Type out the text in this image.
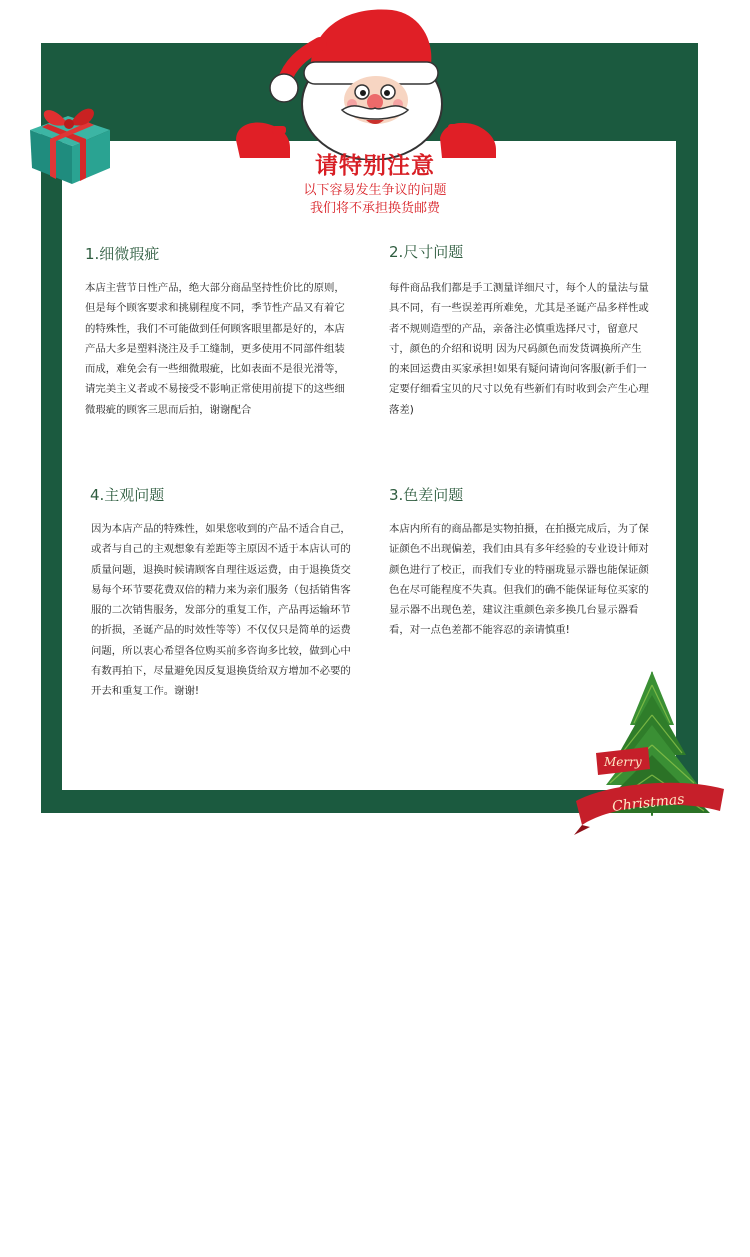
请特别注意
以下容易发生争议的问题
我们将不承担换货邮费
1.细微瑕疵

本店主营节日性产品，绝大部分商品坚持性价比的原则，但是每个顾客要求和挑剔程度不同，季节性产品又有着它的特殊性，我们不可能做到任何顾客眼里都是好的，本店产品大多是塑料浇注及手工缝制，更多使用不同部件组装而成，难免会有一些细微瑕疵，比如表面不是很光滑等，请完美主义者或不易接受不影响正常使用前提下的这些细微瑕疵的顾客三思而后拍，谢谢配合

2.尺寸问题

每件商品我们都是手工测量详细尺寸，每个人的量法与量具不同，有一些误差再所难免，尤其是圣诞产品多样性或者不规则造型的产品，亲备注必慎重选择尺寸，留意尺寸，颜色的介绍和说明 因为尺码颜色而发货调换所产生的来回运费由买家承担!如果有疑问请询问客服(新手们一定要仔细看宝贝的尺寸以免有些新们有时收到会产生心理落差)

4.主观问题

因为本店产品的特殊性，如果您收到的产品不适合自己，或者与自己的主观想象有差距等主原因不适于本店认可的质量问题，退换时候请顾客自理往返运费，由于退换货交易每个环节要花费双倍的精力来为亲们服务（包括销售客服的二次销售服务，发部分的重复工作，产品再运输环节的折损，圣诞产品的时效性等等）不仅仅只是简单的运费问题，所以衷心希望各位购买前多咨询多比较，做到心中有数再拍下，尽量避免因反复退换货给双方增加不必要的开去和重复工作。谢谢!

3.色差问题

本店内所有的商品都是实物拍摄，在拍摄完成后，为了保证颜色不出现偏差，我们由具有多年经验的专业设计师对颜色进行了校正，而我们专业的特丽珑显示器也能保证颜色在尽可能程度不失真。但我们的确不能保证每位买家的显示器不出现色差，建议注重颜色亲多换几台显示器看看，对一点色差都不能容忍的亲请慎重!

Merry
Christmas
